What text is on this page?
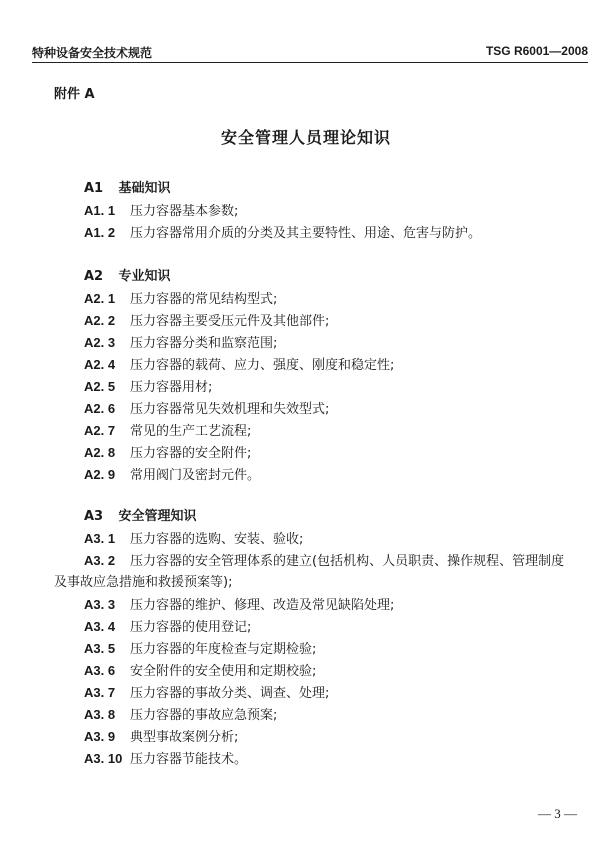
特种设备安全技术规范	TSG R6001—2008
附件 A
安全管理人员理论知识
A1 基础知识
A1. 1 压力容器基本参数;
A1. 2 压力容器常用介质的分类及其主要特性、用途、危害与防护。
A2 专业知识
A2. 1 压力容器的常见结构型式;
A2. 2 压力容器主要受压元件及其他部件;
A2. 3 压力容器分类和监察范围;
A2. 4 压力容器的载荷、应力、强度、刚度和稳定性;
A2. 5 压力容器用材;
A2. 6 压力容器常见失效机理和失效型式;
A2. 7 常见的生产工艺流程;
A2. 8 压力容器的安全附件;
A2. 9 常用阀门及密封元件。
A3 安全管理知识
A3. 1 压力容器的选购、安装、验收;
A3. 2 压力容器的安全管理体系的建立(包括机构、人员职责、操作规程、管理制度
及事故应急措施和救援预案等);
A3. 3 压力容器的维护、修理、改造及常见缺陷处理;
A3. 4 压力容器的使用登记;
A3. 5 压力容器的年度检查与定期检验;
A3. 6 安全附件的安全使用和定期校验;
A3. 7 压力容器的事故分类、调查、处理;
A3. 8 压力容器的事故应急预案;
A3. 9 典型事故案例分析;
A3. 10 压力容器节能技术。
— 3 —
